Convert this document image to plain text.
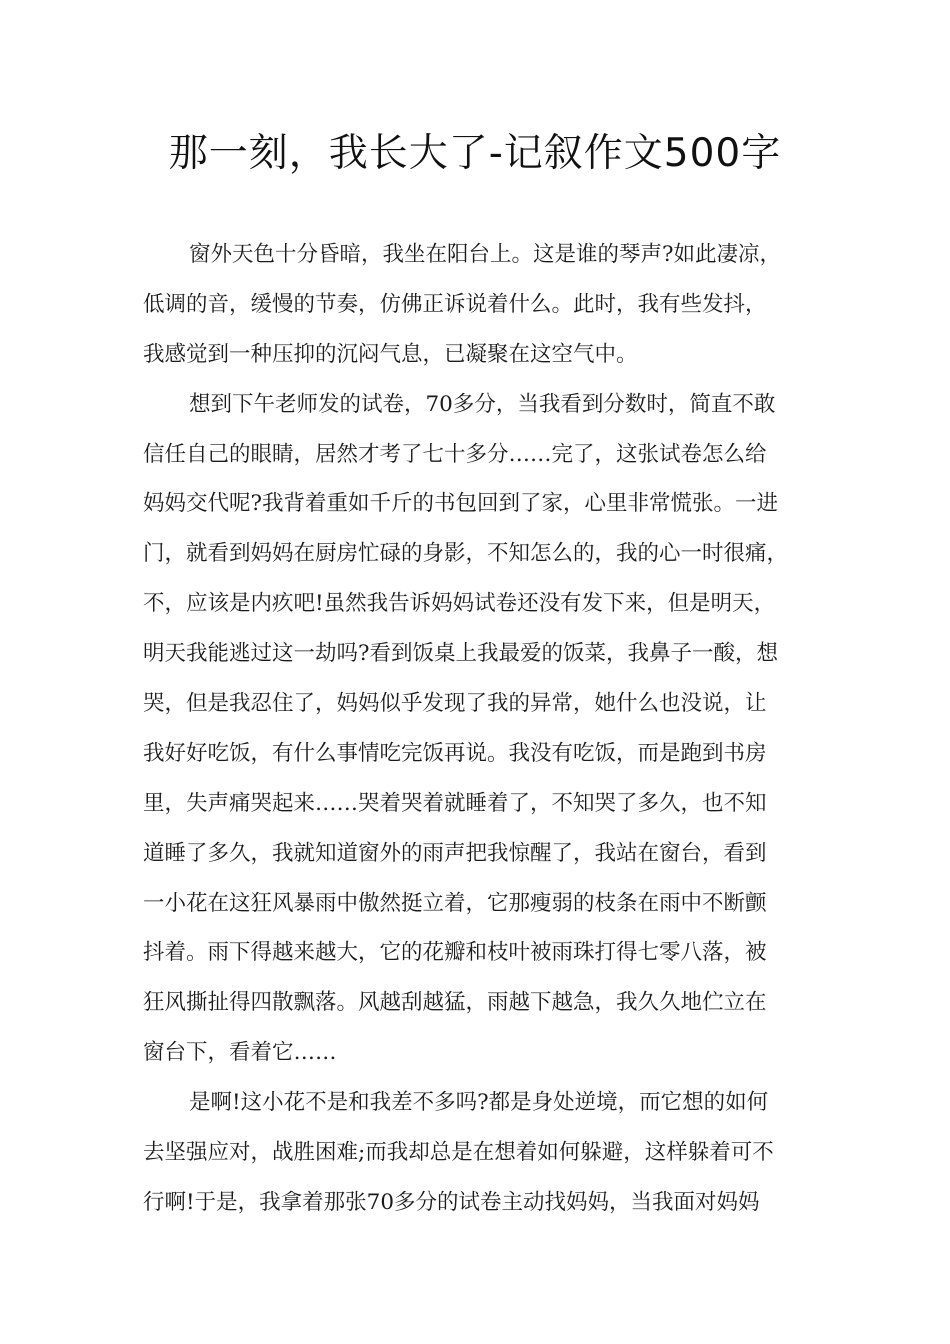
那一刻，我长大了-记叙作文500字
窗外天色十分昏暗，我坐在阳台上。这是谁的琴声?如此凄凉，
低调的音，缓慢的节奏，仿佛正诉说着什么。此时，我有些发抖，
我感觉到一种压抑的沉闷气息，已凝聚在这空气中。
想到下午老师发的试卷，70多分，当我看到分数时，简直不敢
信任自己的眼睛，居然才考了七十多分……完了，这张试卷怎么给
妈妈交代呢?我背着重如千斤的书包回到了家，心里非常慌张。一进
门，就看到妈妈在厨房忙碌的身影，不知怎么的，我的心一时很痛，
不，应该是内疚吧!虽然我告诉妈妈试卷还没有发下来，但是明天，
明天我能逃过这一劫吗?看到饭桌上我最爱的饭菜，我鼻子一酸，想
哭，但是我忍住了，妈妈似乎发现了我的异常，她什么也没说，让
我好好吃饭，有什么事情吃完饭再说。我没有吃饭，而是跑到书房
里，失声痛哭起来……哭着哭着就睡着了，不知哭了多久，也不知
道睡了多久，我就知道窗外的雨声把我惊醒了，我站在窗台，看到
一小花在这狂风暴雨中傲然挺立着，它那瘦弱的枝条在雨中不断颤
抖着。雨下得越来越大，它的花瓣和枝叶被雨珠打得七零八落，被
狂风撕扯得四散飘落。风越刮越猛，雨越下越急，我久久地伫立在
窗台下，看着它……
是啊!这小花不是和我差不多吗?都是身处逆境，而它想的如何
去坚强应对，战胜困难;而我却总是在想着如何躲避，这样躲着可不
行啊!于是，我拿着那张70多分的试卷主动找妈妈，当我面对妈妈
